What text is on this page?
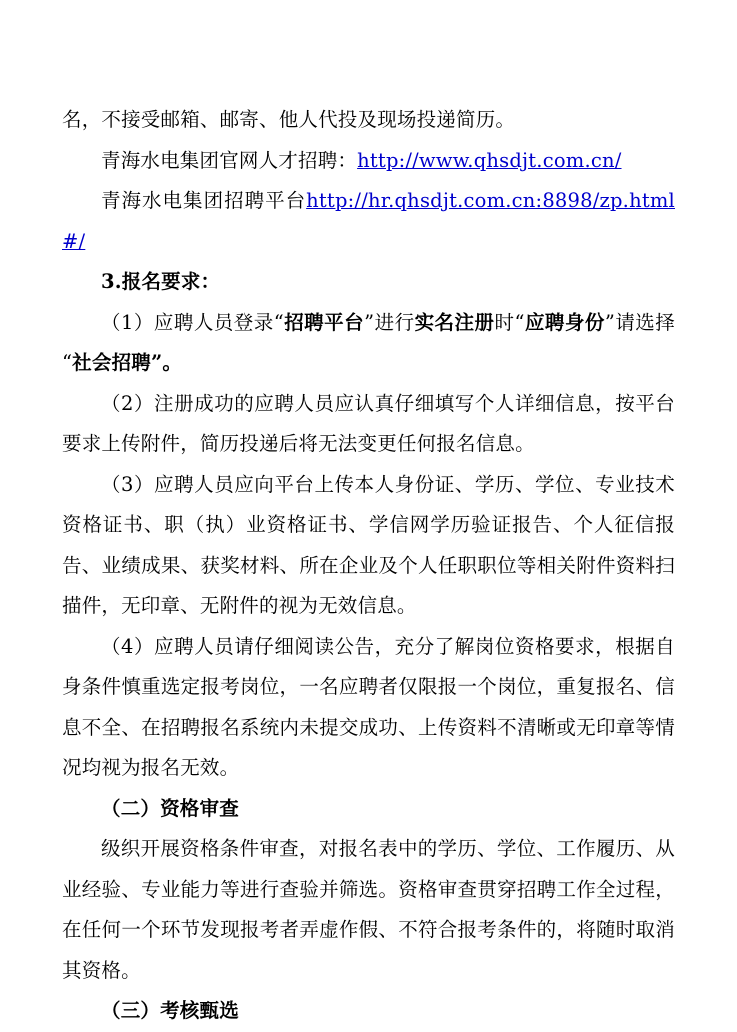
名，不接受邮箱、邮寄、他人代投及现场投递简历。

青海水电集团官网人才招聘：http://www.qhsdjt.com.cn/

青海水电集团招聘平台http://hr.qhsdjt.com.cn:8898/zp.html#/

3.报名要求：

（1）应聘人员登录“招聘平台”进行实名注册时“应聘身份”请选择“社会招聘”。

（2）注册成功的应聘人员应认真仔细填写个人详细信息，按平台要求上传附件，简历投递后将无法变更任何报名信息。

（3）应聘人员应向平台上传本人身份证、学历、学位、专业技术资格证书、职（执）业资格证书、学信网学历验证报告、个人征信报告、业绩成果、获奖材料、所在企业及个人任职职位等相关附件资料扫描件，无印章、无附件的视为无效信息。

（4）应聘人员请仔细阅读公告，充分了解岗位资格要求，根据自身条件慎重选定报考岗位，一名应聘者仅限报一个岗位，重复报名、信息不全、在招聘报名系统内未提交成功、上传资料不清晰或无印章等情况均视为报名无效。

（二）资格审查

级织开展资格条件审查，对报名表中的学历、学位、工作履历、从业经验、专业能力等进行查验并筛选。资格审查贯穿招聘工作全过程，在任何一个环节发现报考者弄虚作假、不符合报考条件的，将随时取消其资格。

（三）考核甄选
